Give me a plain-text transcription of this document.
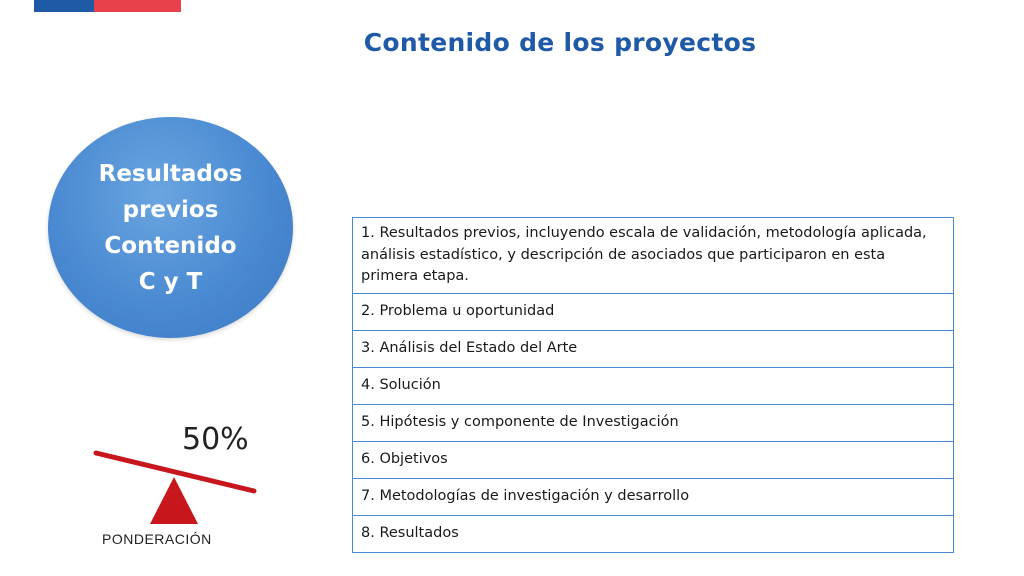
Contenido de los proyectos
Resultados
previos
Contenido
C y T
50%
PONDERACIÓN
1. Resultados previos, incluyendo escala de validación, metodología aplicada, análisis estadístico, y descripción de asociados que participaron en esta primera etapa.
2. Problema u oportunidad
3. Análisis del Estado del Arte
4. Solución
5. Hipótesis y componente de Investigación
6. Objetivos
7. Metodologías de investigación y desarrollo
8. Resultados
